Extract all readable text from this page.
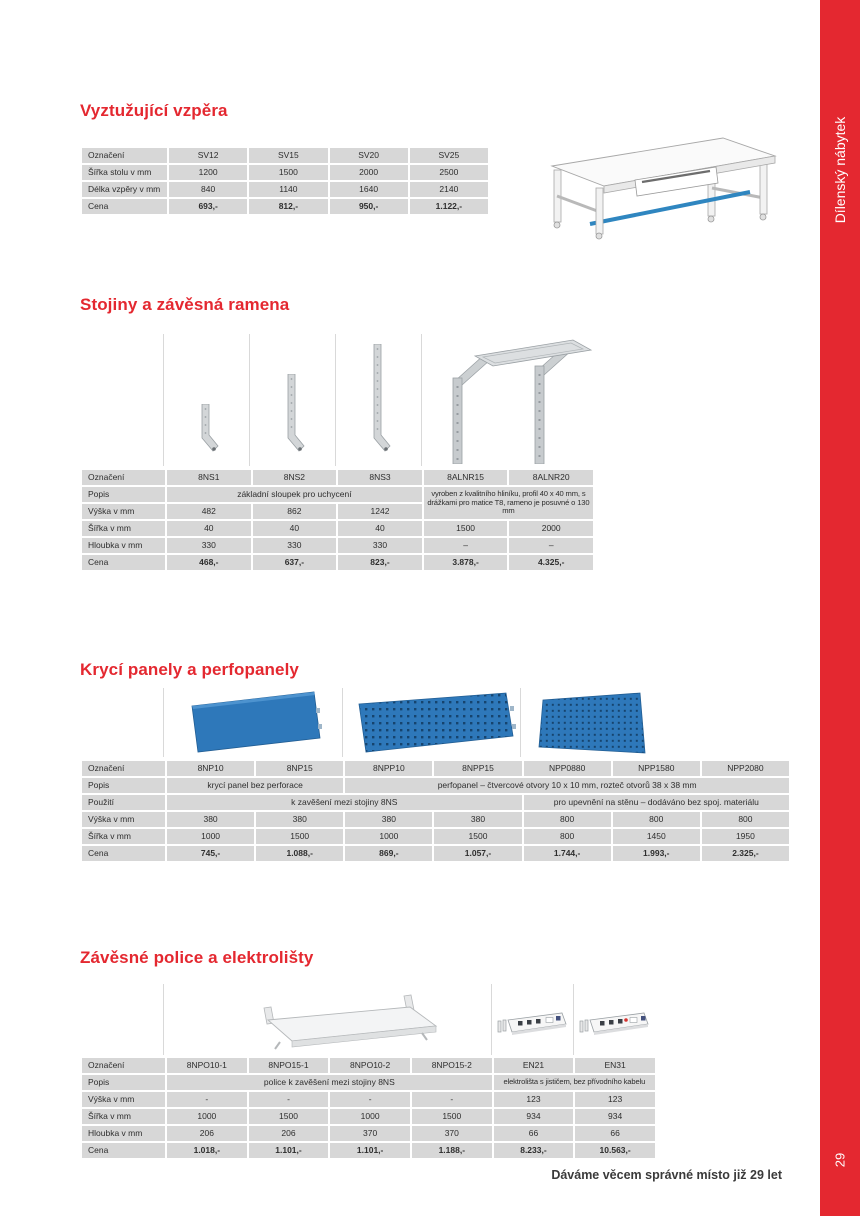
Vyztužující vzpěra
Označení	SV12	SV15	SV20	SV25
Šířka stolu v mm	1200	1500	2000	2500
Délka vzpěry v mm	840	1140	1640	2140
Cena	693,-	812,-	950,-	1.122,-
Stojiny a závěsná ramena
Označení	8NS1	8NS2	8NS3	8ALNR15	8ALNR20
Popis	základní sloupek pro uchycení			vyroben z kvalitního hliníku, profil 40 x 40 mm, s drážkami pro matice T8, rameno je posuvné o 130 mm	
Výška v mm	482	862	1242		
Šířka v mm	40	40	40	1500	2000
Hloubka v mm	330	330	330	–	–
Cena	468,-	637,-	823,-	3.878,-	4.325,-
Krycí panely a perfopanely
Označení	8NP10	8NP15	8NPP10	8NPP15	NPP0880	NPP1580	NPP2080
Popis	krycí panel bez perforace		perfopanel – čtvercové otvory 10 x 10 mm, rozteč otvorů 38 x 38 mm				
Použití	k zavěšení mezi stojiny 8NS				pro upevnění na stěnu – dodáváno bez spoj. materiálu		
Výška v mm	380	380	380	380	800	800	800
Šířka v mm	1000	1500	1000	1500	800	1450	1950
Cena	745,-	1.088,-	869,-	1.057,-	1.744,-	1.993,-	2.325,-
Závěsné police a elektrolišty
Označení	8NPO10-1	8NPO15-1	8NPO10-2	8NPO15-2	EN21	EN31
Popis	police k zavěšení mezi stojiny 8NS				elektrolišta s jističem, bez přívodního kabelu	
Výška v mm	-	-	-	-	123	123
Šířka v mm	1000	1500	1000	1500	934	934
Hloubka v mm	206	206	370	370	66	66
Cena	1.018,-	1.101,-	1.101,-	1.188,-	8.233,-	10.563,-
Dílenský nábytek
29
Dáváme věcem správné místo již 29 let
